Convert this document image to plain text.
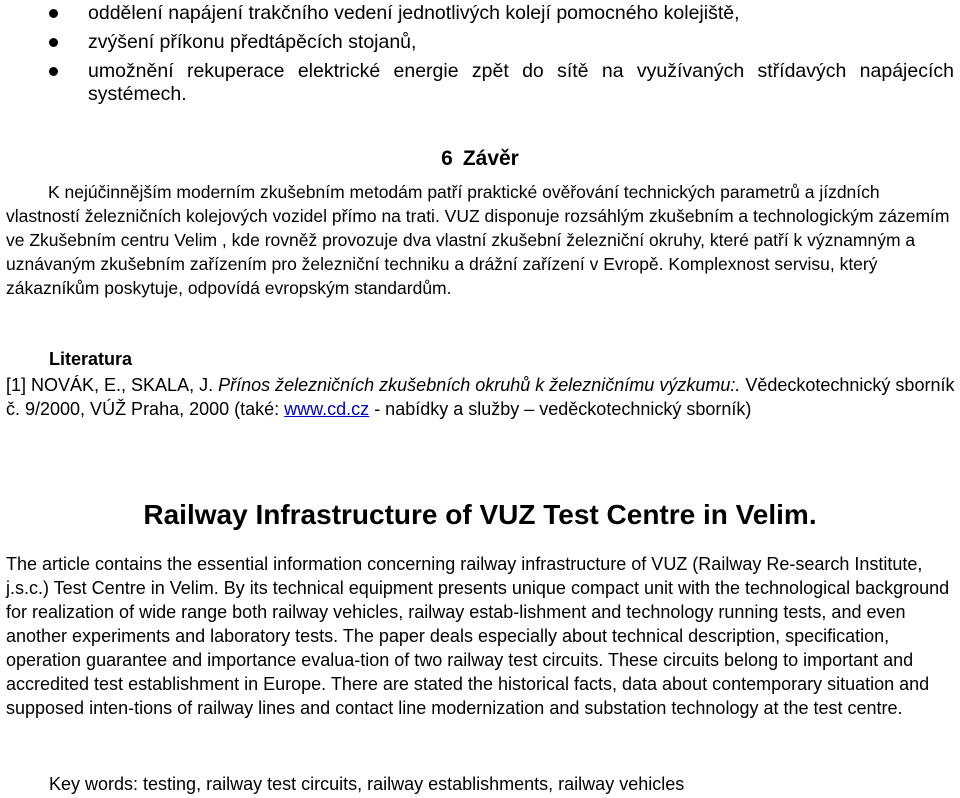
oddělení napájení trakčního vedení jednotlivých kolejí pomocného kolejiště,
zvýšení příkonu předtápěcích stojanů,
umožnění rekuperace elektrické energie zpět do sítě na využívaných střídavých napájecích systémech.
6 Závěr
K nejúčinnějším moderním zkušebním metodám patří praktické ověřování technických parametrů a jízdních vlastností železničních kolejových vozidel přímo na trati. VUZ disponuje rozsáhlým zkušebním a technologickým zázemím ve Zkušebním centru Velim , kde rovněž provozuje dva vlastní zkušební železniční okruhy, které patří k významným a uznávaným zkušebním zařízením pro železniční techniku a drážní zařízení v Evropě. Komplexnost servisu, který zákazníkům poskytuje, odpovídá evropským standardům.
Literatura
[1] NOVÁK, E., SKALA, J. Přínos železničních zkušebních okruhů k železničnímu výzkumu:. Vědeckotechnický sborník č. 9/2000, VÚŽ Praha, 2000 (také: www.cd.cz - nabídky a služby – veděckotechnický sborník)
Railway Infrastructure of VUZ Test Centre in Velim.
The article contains the essential information concerning railway infrastructure of VUZ (Railway Re-search Institute, j.s.c.) Test Centre in Velim. By its technical equipment presents unique compact unit with the technological background for realization of wide range both railway vehicles, railway estab-lishment and technology running tests, and even another experiments and laboratory tests. The paper deals especially about technical description, specification, operation guarantee and importance evalua-tion of two railway test circuits. These circuits belong to important and accredited test establishment in Europe. There are stated the historical facts, data about contemporary situation and supposed inten-tions of railway lines and contact line modernization and substation technology at the test centre.
Key words: testing, railway test circuits, railway establishments, railway vehicles
